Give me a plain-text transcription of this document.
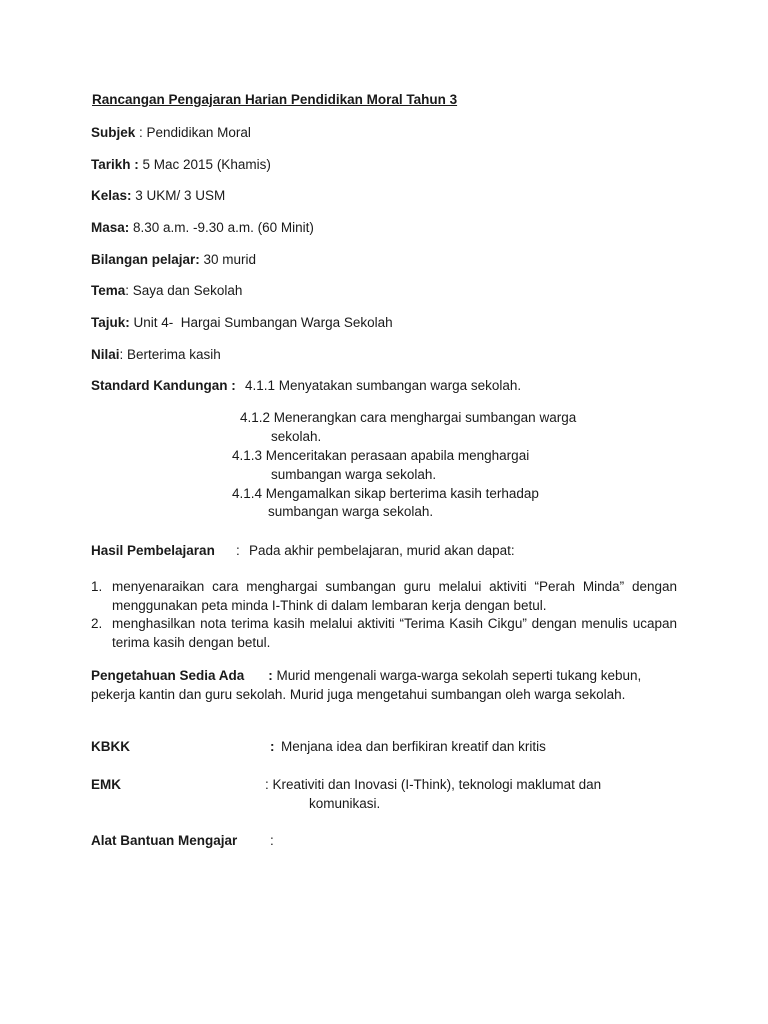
Rancangan Pengajaran Harian Pendidikan Moral Tahun 3
Subjek : Pendidikan Moral
Tarikh : 5 Mac 2015 (Khamis)
Kelas: 3 UKM/ 3 USM
Masa: 8.30 a.m. -9.30 a.m. (60 Minit)
Bilangan pelajar: 30 murid
Tema: Saya dan Sekolah
Tajuk: Unit 4-  Hargai Sumbangan Warga Sekolah
Nilai: Berterima kasih
Standard Kandungan : 4.1.1 Menyatakan sumbangan warga sekolah.
4.1.2 Menerangkan cara menghargai sumbangan warga
sekolah.
4.1.3 Menceritakan perasaan apabila menghargai
sumbangan warga sekolah.
4.1.4 Mengamalkan sikap berterima kasih terhadap
sumbangan warga sekolah.
Hasil Pembelajaran : Pada akhir pembelajaran, murid akan dapat:
1. menyenaraikan cara menghargai sumbangan guru melalui aktiviti “Perah Minda” dengan menggunakan peta minda I-Think di dalam lembaran kerja dengan betul.
2. menghasilkan nota terima kasih melalui aktiviti “Terima Kasih Cikgu” dengan menulis ucapan terima kasih dengan betul.
Pengetahuan Sedia Ada : Murid mengenali warga-warga sekolah seperti tukang kebun, pekerja kantin dan guru sekolah. Murid juga mengetahui sumbangan oleh warga sekolah.
KBKK	: Menjana idea dan berfikiran kreatif dan kritis
EMK	: Kreativiti dan Inovasi (I-Think), teknologi maklumat dan
komunikasi.
Alat Bantuan Mengajar :
